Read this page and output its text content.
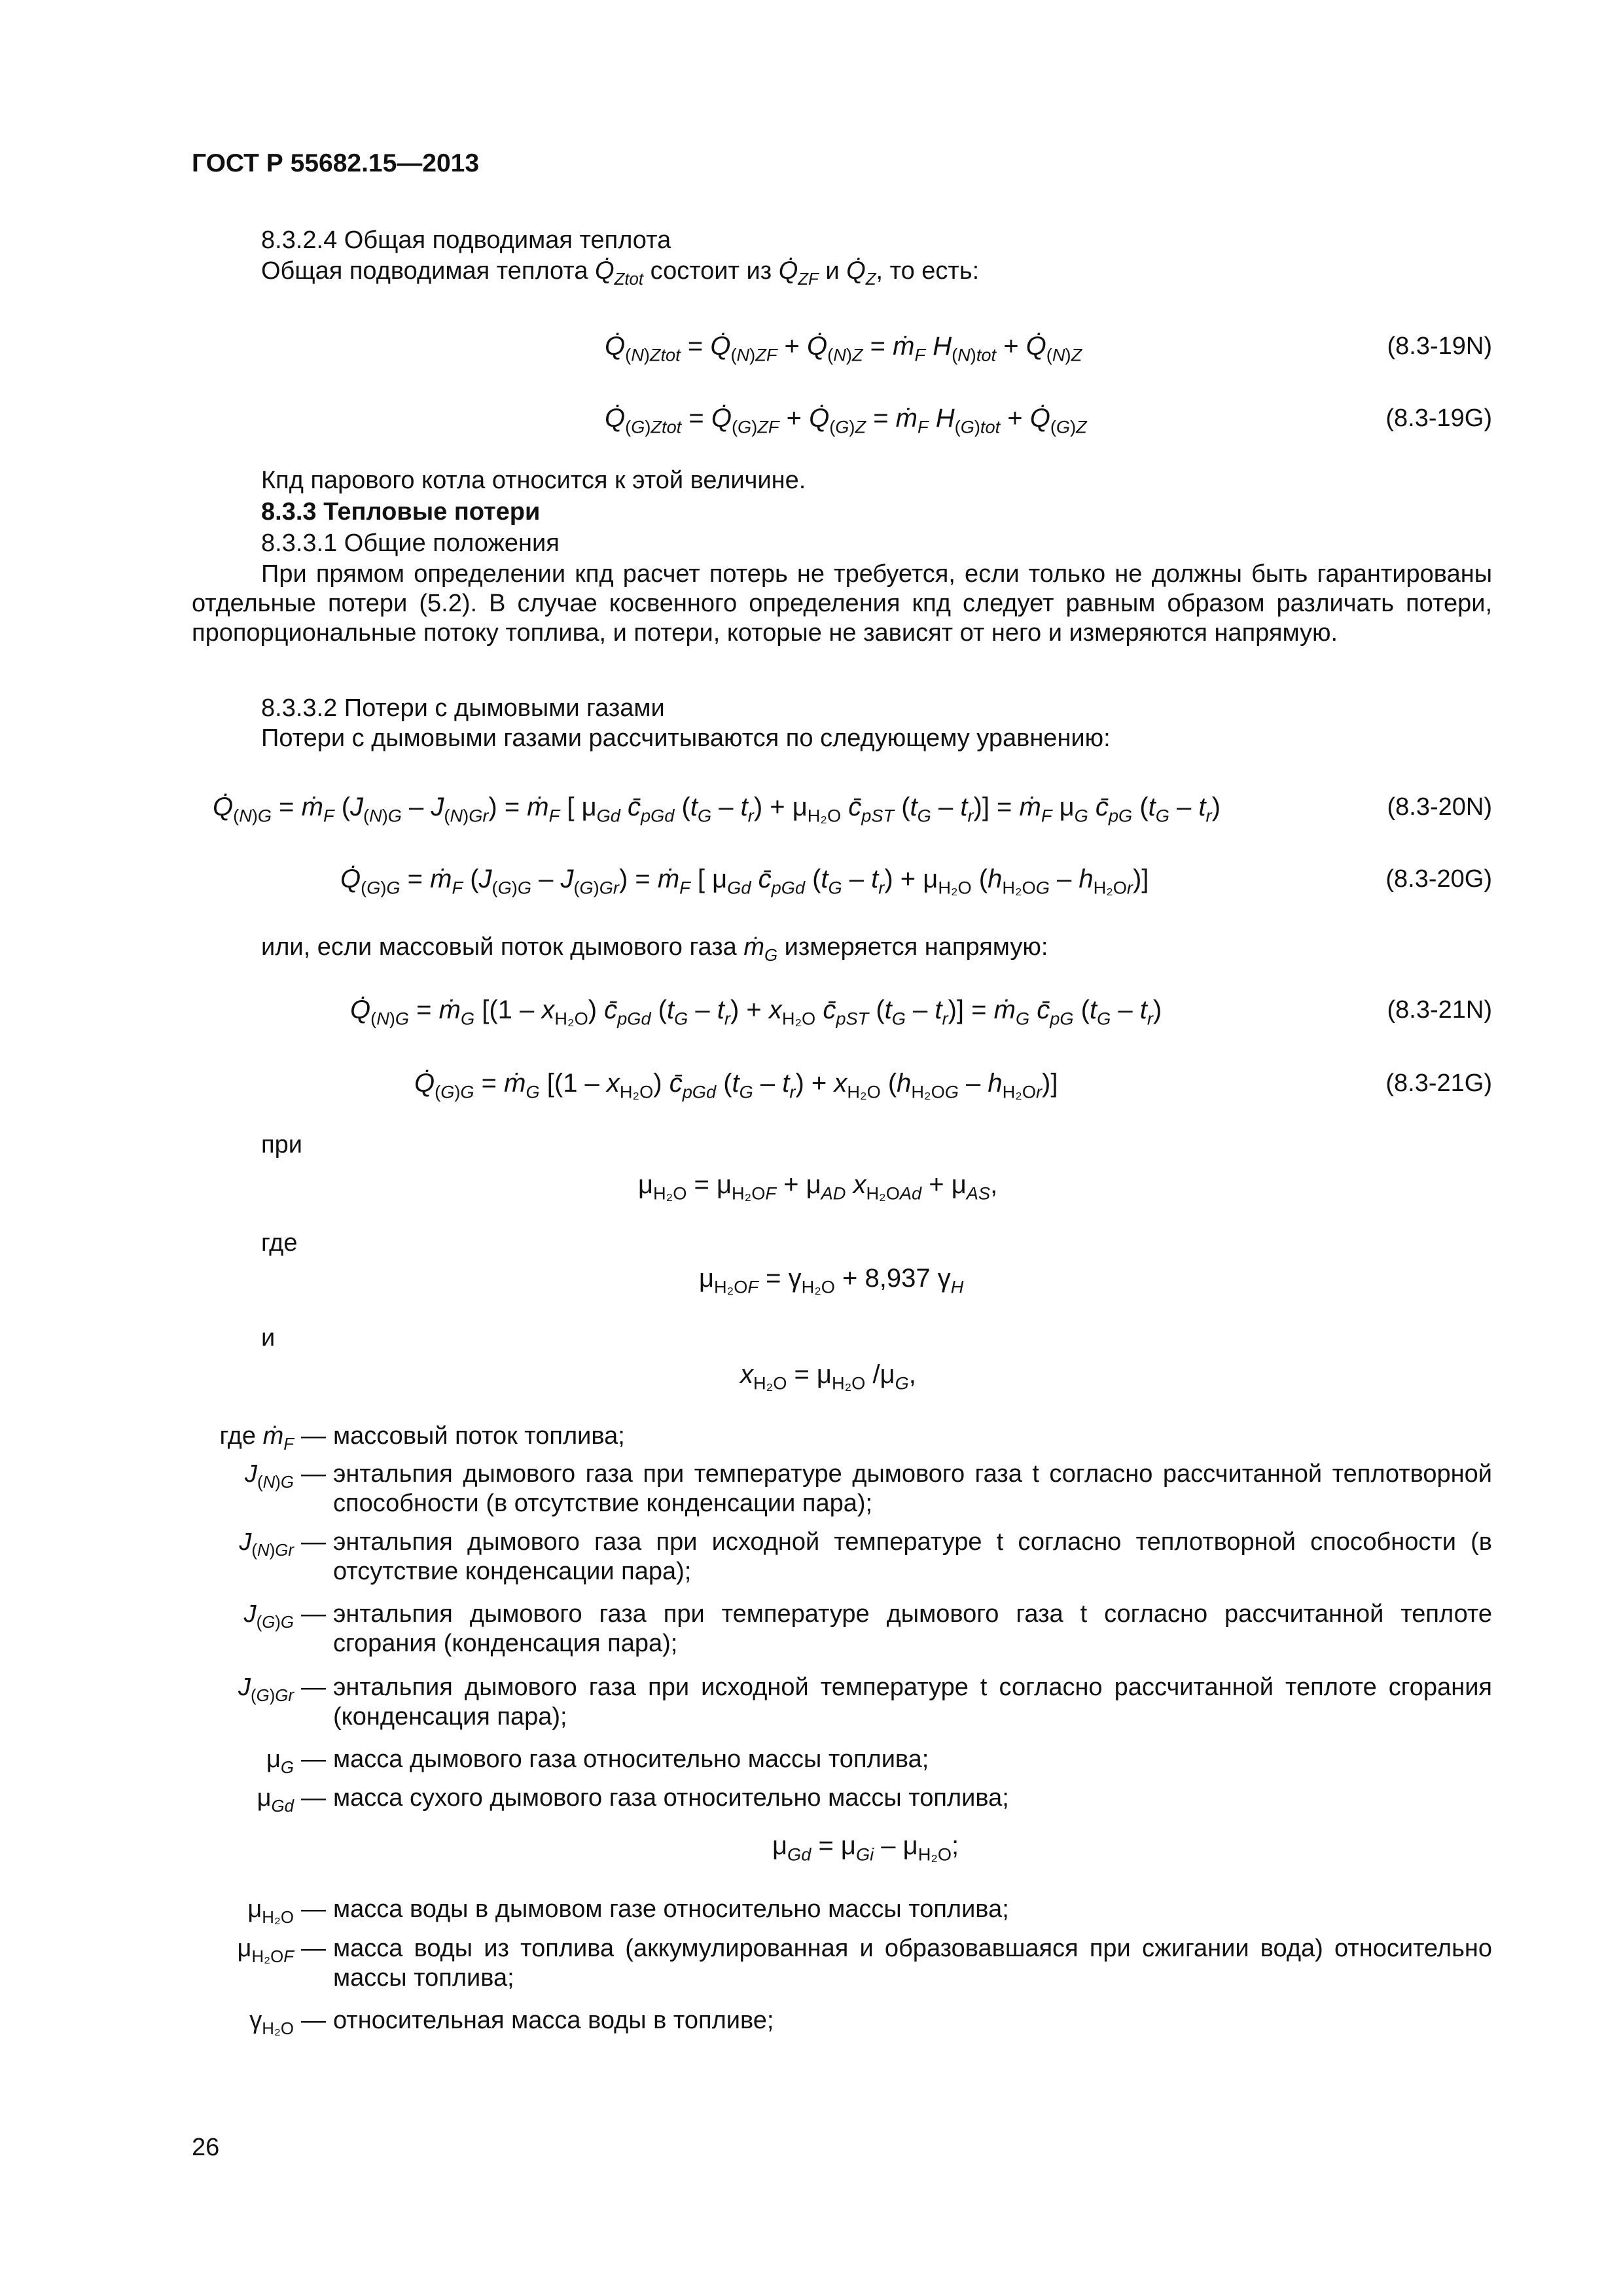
ГОСТ Р 55682.15—2013
8.3.2.4 Общая подводимая теплота
Общая подводимая теплота $Q̇_{Ztot}$ состоит из $Q̇_{ZF}$ и $Q̇_Z$, то есть:
$Q̇_{(N)Ztot}$ = $Q̇_{(N)ZF}$ + $Q̇_{(N)Z}$ = ṁ$_F$ $H_{(N)tot}$ + $Q̇_{(N)Z}$	(8.3-19N)
$Q̇_{(G)Ztot}$ = $Q̇_{(G)ZF}$ + $Q̇_{(G)Z}$ = ṁ$_F$ $H_{(G)tot}$ + $Q̇_{(G)Z}$	(8.3-19G)
Кпд парового котла относится к этой величине.
8.3.3 Тепловые потери
8.3.3.1 Общие положения
При прямом определении кпд расчет потерь не требуется, если только не должны быть гарантированы отдельные потери (5.2). В случае косвенного определения кпд следует равным образом различать потери, пропорциональные потоку топлива, и потери, которые не зависят от него и измеряются напрямую.
8.3.3.2 Потери с дымовыми газами
Потери с дымовыми газами рассчитываются по следующему уравнению:
$Q̇_{(N)G}$ = ṁ$_F$ $(J_{(N)G} - J_{(N)Gr})$ = ṁ$_F$ [ $\mu_{Gd}$ $c̄_{pGd}$ $(t_G - t_r) + \mu_{H_2O}$ $c̄_{pST}$ $(t_G - t_r)$] = ṁ$_F$ $\mu_G$ $c̄_{pG}$ $(t_G - t_r)$	(8.3-20N)
$Q̇_{(G)G}$ = ṁ$_F$ $(J_{(G)G} - J_{(G)Gr})$ = ṁ$_F$ [ $\mu_{Gd}$ $c̄_{pGd}$ $(t_G - t_r) + \mu_{H_2O}$ $(h_{H_2OG} - h_{H_2Or})$]	(8.3-20G)
или, если массовый поток дымового газа ṁ$_G$ измеряется напрямую:
$Q̇_{(N)G}$ = ṁ$_G$ [$(1 - x_{H_2O})$ $c̄_{pGd}$ $(t_G - t_r) + x_{H_2O}$ $c̄_{pST}$ $(t_G - t_r)$] = ṁ$_G$ $c̄_{pG}$ $(t_G - t_r)$	(8.3-21N)
$Q̇_{(G)G}$ = ṁ$_G$ [$(1 - x_{H_2O})$ $c̄_{pGd}$ $(t_G - t_r) + x_{H_2O}$ $(h_{H_2OG} - h_{H_2Or})$]	(8.3-21G)
при
$\mu_{H_2O} = \mu_{H_2OF} + \mu_{AD}$ $x_{H_2OAd} + \mu_{AS}$,
где
$\mu_{H_2OF} = \gamma_{H_2O} + 8,937$ $\gamma_H$
и
$x_{H_2O} = \mu_{H_2O}$ $/\mu_G$,
где ṁ$_F$ — массовый поток топлива;
$J_{(N)G}$ — энтальпия дымового газа при температуре дымового газа t согласно рассчитанной теплотворной способности (в отсутствие конденсации пара);
$J_{(N)Gr}$ — энтальпия дымового газа при исходной температуре t согласно теплотворной способности (в отсутствие конденсации пара);
$J_{(G)G}$ — энтальпия дымового газа при температуре дымового газа t согласно рассчитанной теплоте сгорания (конденсация пара);
$J_{(G)Gr}$ — энтальпия дымового газа при исходной температуре t согласно рассчитанной теплоте сгорания (конденсация пара);
$\mu_G$ — масса дымового газа относительно массы топлива;
$\mu_{Gd}$ — масса сухого дымового газа относительно массы топлива;
$\mu_{Gd} = \mu_{Gi} - \mu_{H_2O}$;
$\mu_{H_2O}$ — масса воды в дымовом газе относительно массы топлива;
$\mu_{H_2OF}$ — масса воды из топлива (аккумулированная и образовавшаяся при сжигании вода) относительно массы топлива;
$\gamma_{H_2O}$ — относительная масса воды в топливе;
26
